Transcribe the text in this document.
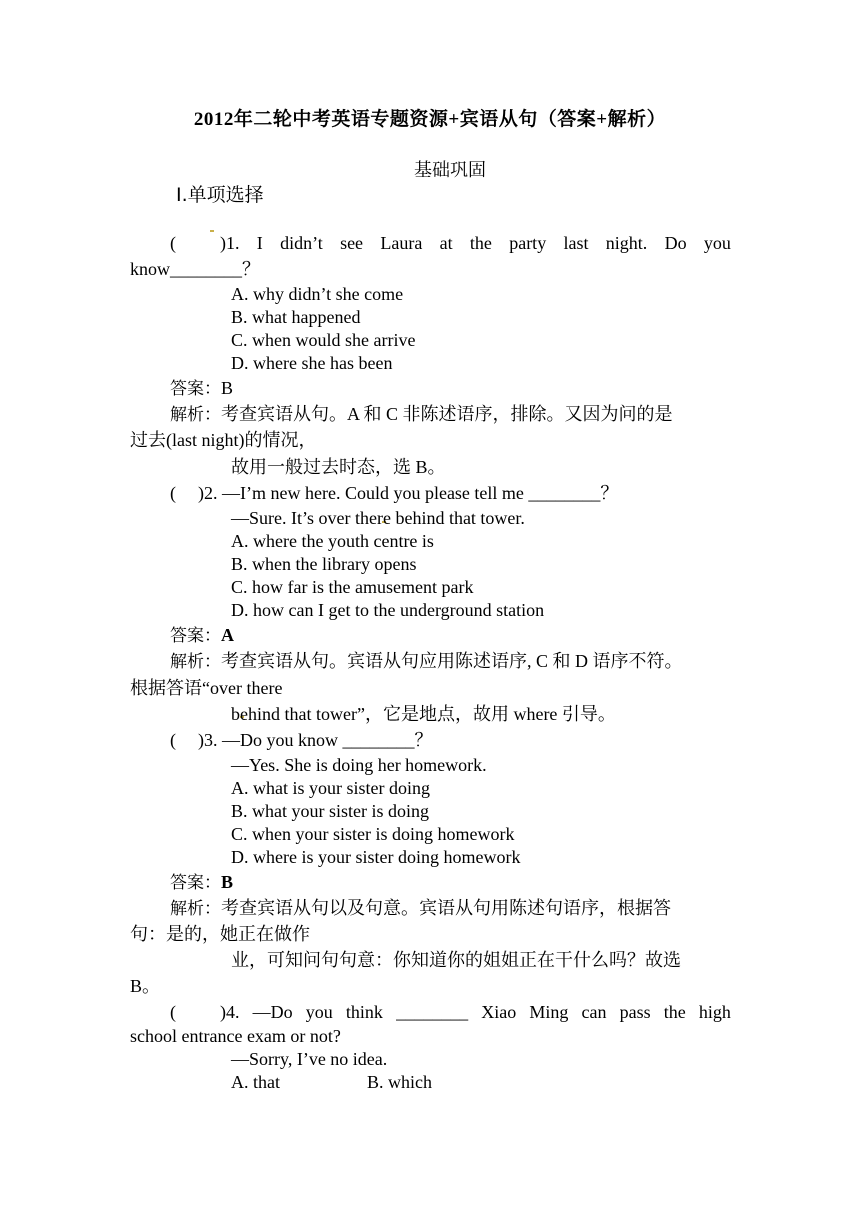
2012年二轮中考英语专题资源+宾语从句（答案+解析）
基础巩固
Ⅰ.单项选择
( )1. I didn’t see Laura at the party last night. Do you
know________？
A. why didn’t she come
B. what happened
C. when would she arrive
D. where she has been
答案：B
解析：考查宾语从句。A 和 C 非陈述语序，排除。又因为问的是
过去(last night)的情况，
故用一般过去时态，选 B。
( )2. —I’m new here. Could you please tell me ________？
—Sure. It’s over there behind that tower.
A. where the youth centre is
B. when the library opens
C. how far is the amusement park
D. how can I get to the underground station
答案：A
解析：考查宾语从句。宾语从句应用陈述语序, C 和 D 语序不符。
根据答语“over there
behind that tower”，它是地点，故用 where 引导。
( )3. —Do you know ________？
—Yes. She is doing her homework.
A. what is your sister doing
B. what your sister is doing
C. when your sister is doing homework
D. where is your sister doing homework
答案：B
解析：考查宾语从句以及句意。宾语从句用陈述句语序，根据答
句：是的，她正在做作
业，可知问句句意：你知道你的姐姐正在干什么吗？故选
B。
( )4. —Do you think ________ Xiao Ming can pass the high
school entrance exam or not?
—Sorry, I’ve no idea.
A. that	B. which
